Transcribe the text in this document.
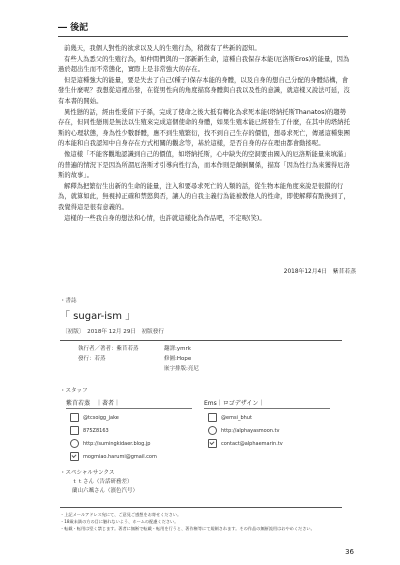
― 後記

前幾天，我個人對性的欲求以及人的生殖行為，稍微有了些新的認知。

有些人為悉父的生殖行為，如仲間們與的一部新新生命，這種自我保存本能(厄洛斯Eros)的能量，因為過於超出生而不常態化，實際上是非常強大的存在。

但是這種強大的能量，要是失去了自己(種子)保存本能的身體，以及自身的想自己分配的身體結構，會發生什麼呢？我想從這裡出發，在從男性向的角度描寫身體與自我以及性的意識，就這樣又說法可延，沒有本書的開始。

異性戀的話，經由性愛留下子孫，完成了使命之後大抵有轉化為求死本能(塔納托斯Thanatos)的趨勢存在，但同性戀則是無法以生殖來完成這個使命的身體，如果生殖本能已經發生了什麼，在其中的塔納托斯的心理狀態，身為性少數群體，應不到生殖繁衍，找不到自己生存的價值，想尋求死亡，傳遞這種集團的本能和自我認知中自身存在方式相關的觀念等，基於這樣，是否自身的存在理由都會動搖呢。

像這樣「不能客觀地認識到自己的價值，如塔納托斯，心中缺失的空洞要由國入的厄洛斯能量來填滿」的普遍的情況下是因為所謂厄洛斯才引導向性行為，而本作則是顛倒關係，描寫「因為性行為來獲得厄洛斯的故事」。

解釋為把繁衍生出新的生命的能量，注入和要尋求死亡的人類的話，從生物本能角度來說是很錯的行為，就算如此，無視掉正確和禁慾與否，讓人的自我主義行為能被教他人的性命，即使解釋有點換到了，我覺得這是很有意義的。

這樣的一些我自身的想法和心情，也許就這樣化為作品吧，不定呢(笑)。

2018年12月4日　紫苜若蒸
・書誌
「 sugar-ism 」
〔初版〕　2018年 12月 29日　初版發行
執行者／著者：紫苜若蒸
發行：若蒸
翻譯:ymrk
修圖:Hope
嵌字排版:亮尼
・スタッフ
紫苜若蒸　｜著者｜	Ems｜ロゴデザイン｜
@tcsoigg_jake
875Z8163
http://sumingkidaer.blog.jp
mogmiao.harumi@gmail.com
@emsi_bhut
http://alphayasmoon.tv
contact@alphaemarin.tv
・スペシャルサンクス
ｔｔさん（告話研務差）
蘭山六颯さん（濱色汽号）
・上記メールアドレス宛にて、ご意見ご感想をお寄せください。
・18歳未満の方の目に触れないよう、ホームの配慮ください。
・転載・転用は堅く禁じます。著者に無断で転載・転用を行うと、著作権等にて規制されます。その作品の無断流用はおやめください。
36
